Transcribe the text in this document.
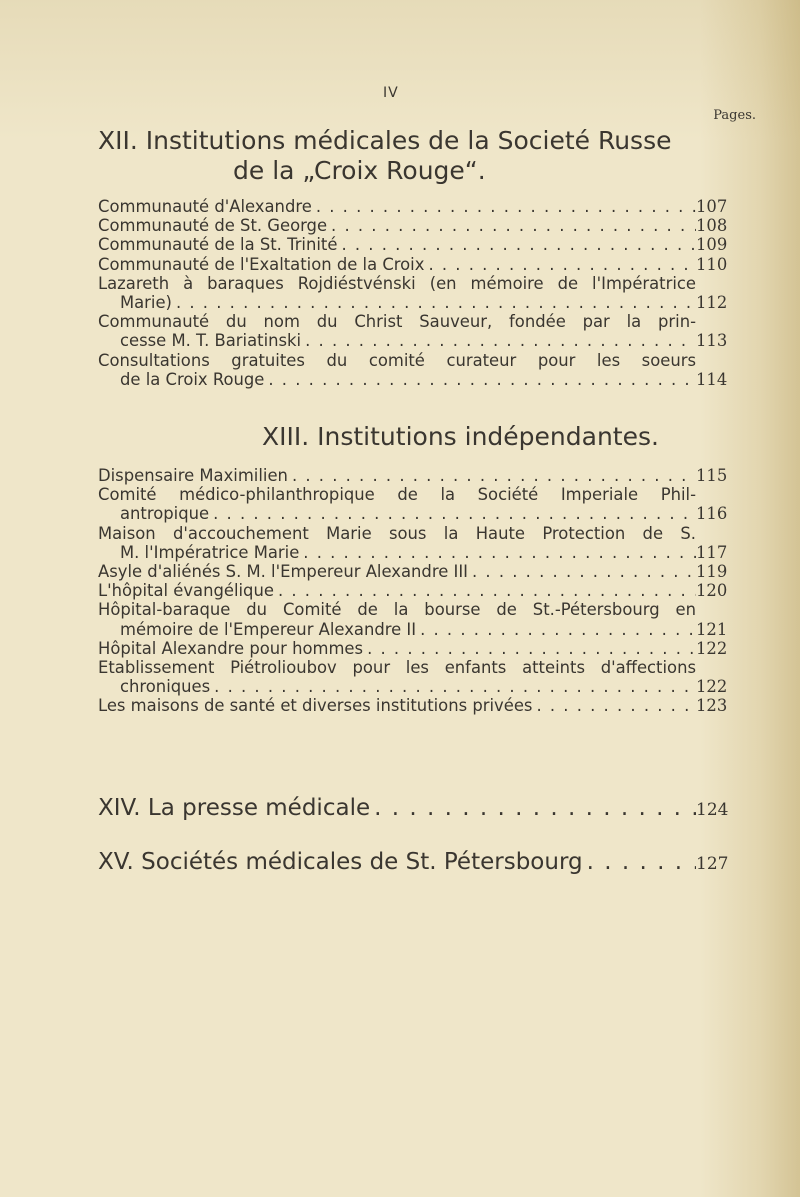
IV
Pages.
XII. Institutions médicales de la Societé Russe
de la „Croix Rouge“.
Communauté d'Alexandre . . .	107
Communauté de St. George . . .	108
Communauté de la St. Trinité . . .	109
Communauté de l'Exaltation de la Croix . . .	110
Lazareth à baraques Rojdiéstvénski (en mémoire de l'Impératrice
Marie) . . .	112
Communauté du nom du Christ Sauveur, fondée par la prin-
cesse M. T. Bariatinski . . .	113
Consultations gratuites du comité curateur pour les soeurs
de la Croix Rouge . . .	114
XIII. Institutions indépendantes.
Dispensaire Maximilien . . .	115
Comité médico-philanthropique de la Société Imperiale Phil-
antropique . . .	116
Maison d'accouchement Marie sous la Haute Protection de S.
M. l'Impératrice Marie . . .	117
Asyle d'aliénés S. M. l'Empereur Alexandre III . . .	119
L'hôpital évangélique . . .	120
Hôpital-baraque du Comité de la bourse de St.-Pétersbourg en
mémoire de l'Empereur Alexandre II . . .	121
Hôpital Alexandre pour hommes . . .	122
Etablissement Piétrolioubov pour les enfants atteints d'affections
chroniques . . .	122
Les maisons de santé et diverses institutions privées . . .	123
XIV. La presse médicale . . .	124
XV. Sociétés médicales de St. Pétersbourg . . .	127
